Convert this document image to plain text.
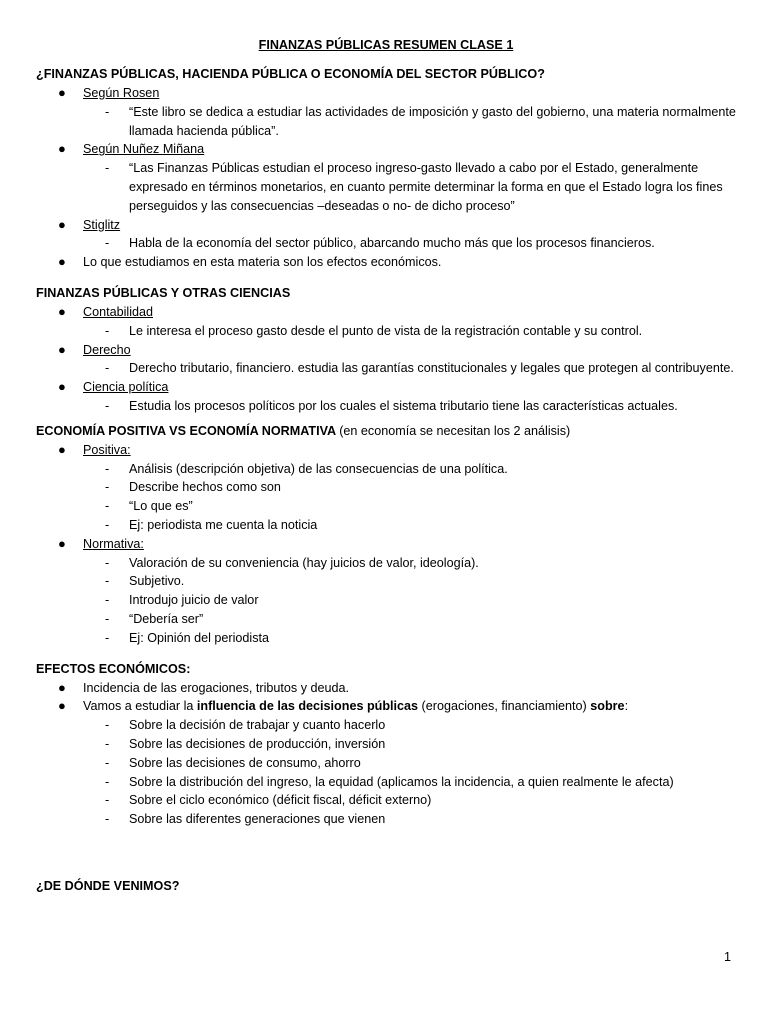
FINANZAS PÚBLICAS RESUMEN CLASE 1
¿FINANZAS PÚBLICAS, HACIENDA PÚBLICA O ECONOMÍA DEL SECTOR PÚBLICO?
● Según Rosen
- “Este libro se dedica a estudiar las actividades de imposición y gasto del gobierno, una materia normalmente llamada hacienda pública”.
● Según Nuñez Miñana
- “Las Finanzas Públicas estudian el proceso ingreso-gasto llevado a cabo por el Estado, generalmente expresado en términos monetarios, en cuanto permite determinar la forma en que el Estado logra los fines perseguidos y las consecuencias –deseadas o no- de dicho proceso”
● Stiglitz
- Habla de la economía del sector público, abarcando mucho más que los procesos financieros.
● Lo que estudiamos en esta materia son los efectos económicos.
FINANZAS PÚBLICAS Y OTRAS CIENCIAS
● Contabilidad
- Le interesa el proceso gasto desde el punto de vista de la registración contable y su control.
● Derecho
- Derecho tributario, financiero. estudia las garantías constitucionales y legales que protegen al contribuyente.
● Ciencia política
- Estudia los procesos políticos por los cuales el sistema tributario tiene las características actuales.
ECONOMÍA POSITIVA VS ECONOMÍA NORMATIVA (en economía se necesitan los 2 análisis)
● Positiva:
- Análisis (descripción objetiva) de las consecuencias de una política.
- Describe hechos como son
- “Lo que es”
- Ej: periodista me cuenta la noticia
● Normativa:
- Valoración de su conveniencia (hay juicios de valor, ideología).
- Subjetivo.
- Introdujo juicio de valor
- “Debería ser”
- Ej: Opinión del periodista
EFECTOS ECONÓMICOS:
● Incidencia de las erogaciones, tributos y deuda.
● Vamos a estudiar la influencia de las decisiones públicas (erogaciones, financiamiento) sobre:
- Sobre la decisión de trabajar y cuanto hacerlo
- Sobre las decisiones de producción, inversión
- Sobre las decisiones de consumo, ahorro
- Sobre la distribución del ingreso, la equidad (aplicamos la incidencia, a quien realmente le afecta)
- Sobre el ciclo económico (déficit fiscal, déficit externo)
- Sobre las diferentes generaciones que vienen
¿DE DÓNDE VENIMOS?
1
